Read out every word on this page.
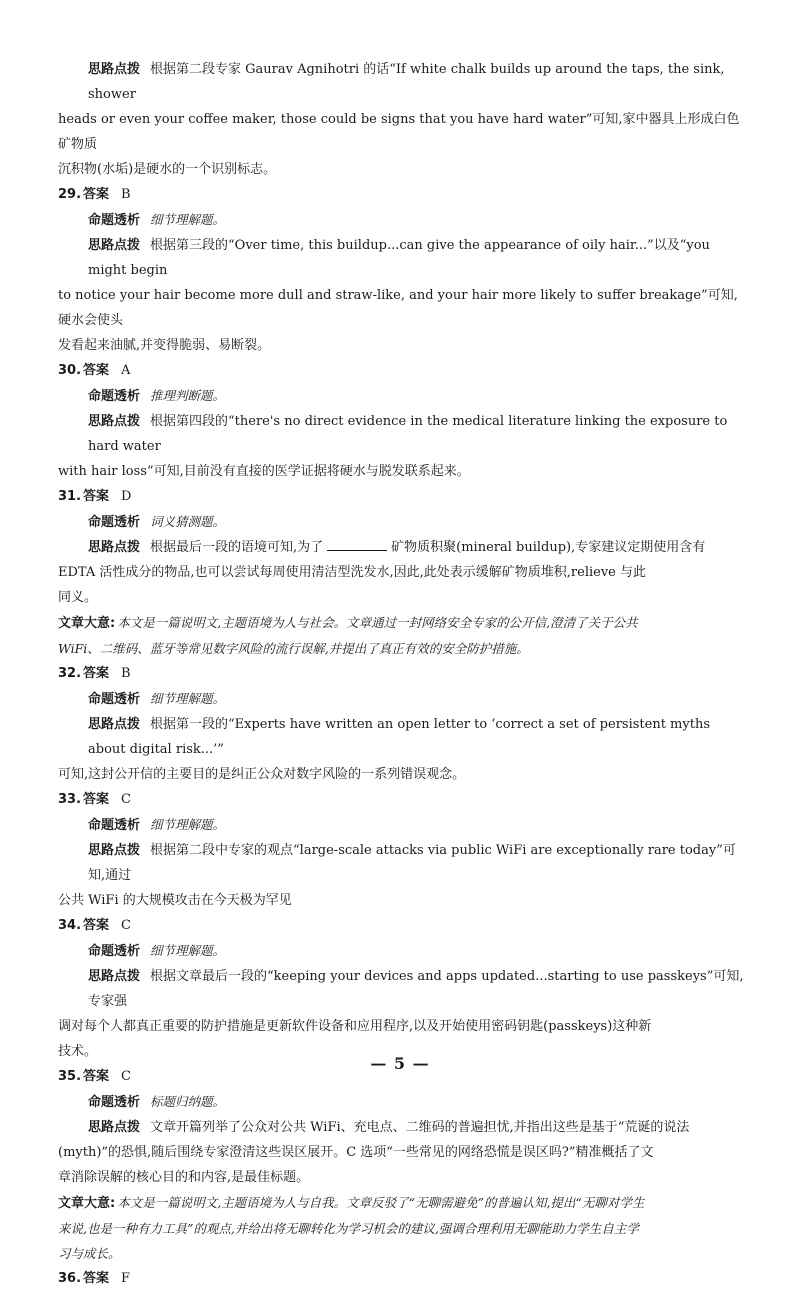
思路点拨 根据第二段专家 Gaurav Agnihotri 的话“If white chalk builds up around the taps, the sink, shower

heads or even your coffee maker, those could be signs that you have hard water”可知,家中器具上形成白色矿物质

沉积物(水垢)是硬水的一个识别标志。

29. 答案 B

命题透析 细节理解题。

思路点拨 根据第三段的“Over time, this buildup...can give the appearance of oily hair...”以及“you might begin

to notice your hair become more dull and straw-like, and your hair more likely to suffer breakage”可知,硬水会使头

发看起来油腻,并变得脆弱、易断裂。

30. 答案 A

命题透析 推理判断题。

思路点拨 根据第四段的“there's no direct evidence in the medical literature linking the exposure to hard water

with hair loss”可知,目前没有直接的医学证据将硬水与脱发联系起来。

31. 答案 D

命题透析 词义猜测题。

思路点拨 根据最后一段的语境可知,为了	矿物质积聚(mineral buildup),专家建议定期使用含有

EDTA 活性成分的物品,也可以尝试每周使用清洁型洗发水,因此,此处表示缓解矿物质堆积,relieve 与此

同义。

文章大意: 本文是一篇说明文,主题语境为人与社会。文章通过一封网络安全专家的公开信,澄清了关于公共

WiFi、二维码、蓝牙等常见数字风险的流行误解,并提出了真正有效的安全防护措施。

32. 答案 B

命题透析 细节理解题。

思路点拨 根据第一段的“Experts have written an open letter to ‘correct a set of persistent myths about digital risk...’”

可知,这封公开信的主要目的是纠正公众对数字风险的一系列错误观念。

33. 答案 C

命题透析 细节理解题。

思路点拨 根据第二段中专家的观点“large-scale attacks via public WiFi are exceptionally rare today”可知,通过

公共 WiFi 的大规模攻击在今天极为罕见

34. 答案 C

命题透析 细节理解题。

思路点拨 根据文章最后一段的“keeping your devices and apps updated...starting to use passkeys”可知,专家强

调对每个人都真正重要的防护措施是更新软件设备和应用程序,以及开始使用密码钥匙(passkeys)这种新

技术。

35. 答案 C

命题透析 标题归纳题。

思路点拨 文章开篇列举了公众对公共 WiFi、充电点、二维码的普遍担忧,并指出这些是基于“荒诞的说法

(myth)”的恐惧,随后围绕专家澄清这些误区展开。C 选项“一些常见的网络恐慌是误区吗?”精准概括了文

章消除误解的核心目的和内容,是最佳标题。

文章大意: 本文是一篇说明文,主题语境为人与自我。文章反驳了“无聊需避免”的普遍认知,提出“无聊对学生

来说,也是一种有力工具”的观点,并给出将无聊转化为学习机会的建议,强调合理利用无聊能助力学生自主学

习与成长。

36. 答案 F

— 5 —
